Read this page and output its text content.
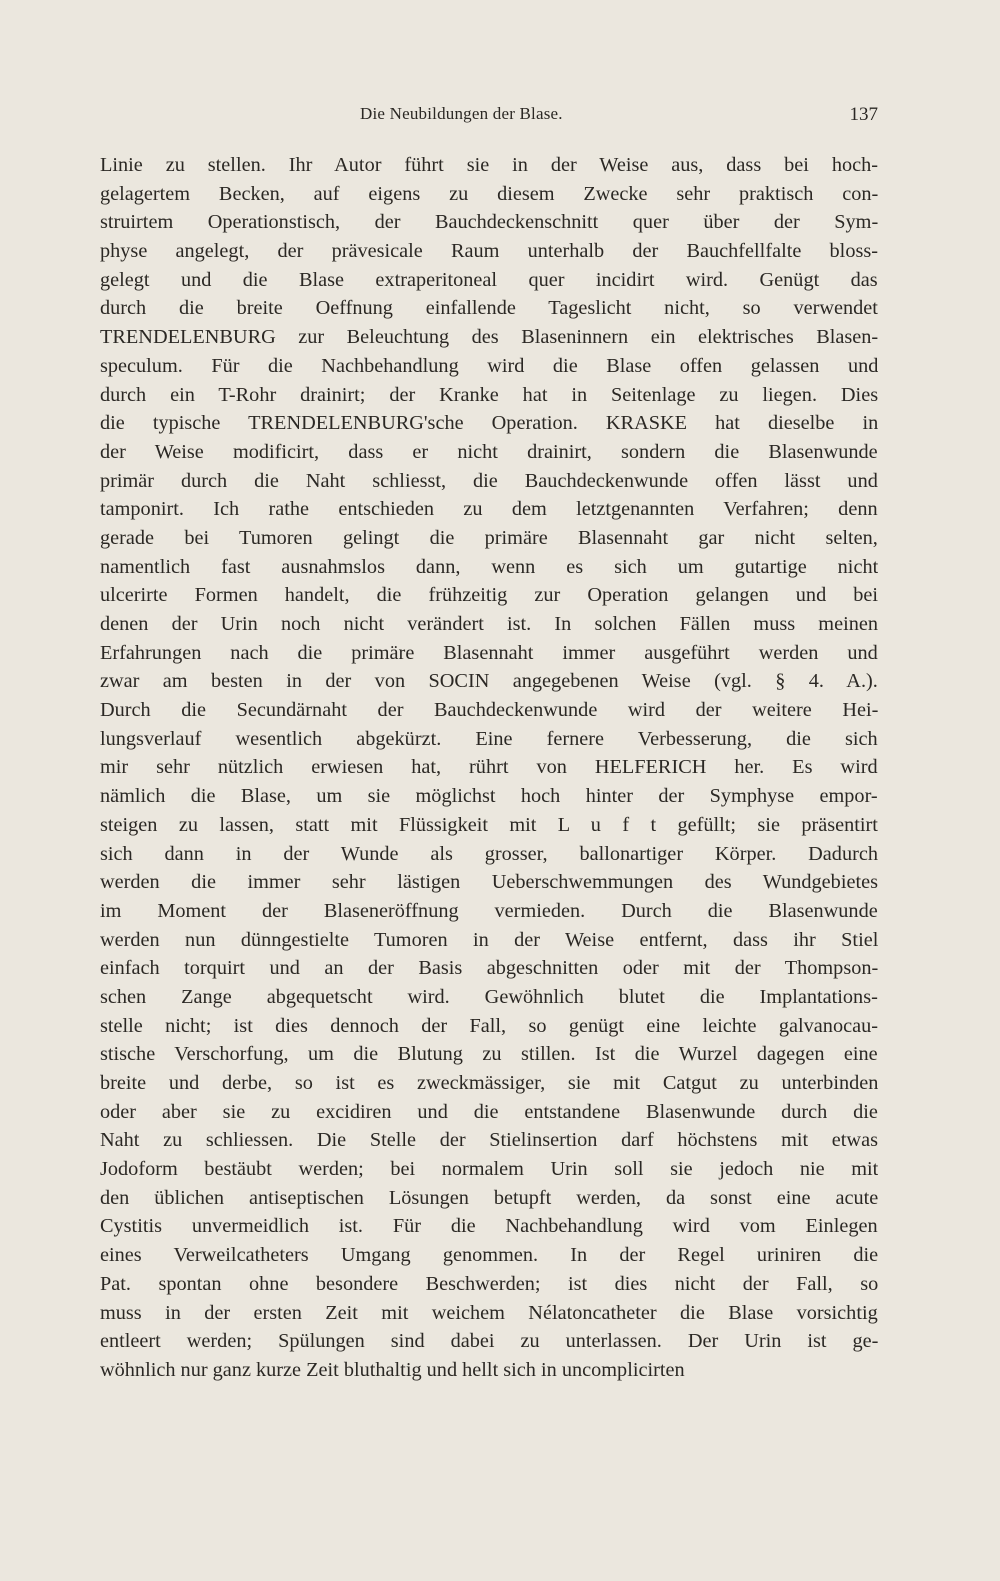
Die Neubildungen der Blase.	137
Linie zu stellen. Ihr Autor führt sie in der Weise aus, dass bei hoch-
gelagertem Becken, auf eigens zu diesem Zwecke sehr praktisch con-
struirtem Operationstisch, der Bauchdeckenschnitt quer über der Sym-
physe angelegt, der prävesicale Raum unterhalb der Bauchfellfalte bloss-
gelegt und die Blase extraperitoneal quer incidirt wird. Genügt das
durch die breite Oeffnung einfallende Tageslicht nicht, so verwendet
TRENDELENBURG zur Beleuchtung des Blaseninnern ein elektrisches Blasen-
speculum. Für die Nachbehandlung wird die Blase offen gelassen und
durch ein T-Rohr drainirt; der Kranke hat in Seitenlage zu liegen. Dies
die typische TRENDELENBURG'sche Operation. KRASKE hat dieselbe in
der Weise modificirt, dass er nicht drainirt, sondern die Blasenwunde
primär durch die Naht schliesst, die Bauchdeckenwunde offen lässt und
tamponirt. Ich rathe entschieden zu dem letztgenannten Verfahren; denn
gerade bei Tumoren gelingt die primäre Blasennaht gar nicht selten,
namentlich fast ausnahmslos dann, wenn es sich um gutartige nicht
ulcerirte Formen handelt, die frühzeitig zur Operation gelangen und bei
denen der Urin noch nicht verändert ist. In solchen Fällen muss meinen
Erfahrungen nach die primäre Blasennaht immer ausgeführt werden und
zwar am besten in der von SOCIN angegebenen Weise (vgl. § 4. A.).
Durch die Secundärnaht der Bauchdeckenwunde wird der weitere Hei-
lungsverlauf wesentlich abgekürzt. Eine fernere Verbesserung, die sich
mir sehr nützlich erwiesen hat, rührt von HELFERICH her. Es wird
nämlich die Blase, um sie möglichst hoch hinter der Symphyse empor-
steigen zu lassen, statt mit Flüssigkeit mit L u f t gefüllt; sie präsentirt
sich dann in der Wunde als grosser, ballonartiger Körper. Dadurch
werden die immer sehr lästigen Ueberschwemmungen des Wundgebietes
im Moment der Blaseneröffnung vermieden. Durch die Blasenwunde
werden nun dünngestielte Tumoren in der Weise entfernt, dass ihr Stiel
einfach torquirt und an der Basis abgeschnitten oder mit der Thompson-
schen Zange abgequetscht wird. Gewöhnlich blutet die Implantations-
stelle nicht; ist dies dennoch der Fall, so genügt eine leichte galvanocau-
stische Verschorfung, um die Blutung zu stillen. Ist die Wurzel dagegen eine
breite und derbe, so ist es zweckmässiger, sie mit Catgut zu unterbinden
oder aber sie zu excidiren und die entstandene Blasenwunde durch die
Naht zu schliessen. Die Stelle der Stielinsertion darf höchstens mit etwas
Jodoform bestäubt werden; bei normalem Urin soll sie jedoch nie mit
den üblichen antiseptischen Lösungen betupft werden, da sonst eine acute
Cystitis unvermeidlich ist. Für die Nachbehandlung wird vom Einlegen
eines Verweilcatheters Umgang genommen. In der Regel uriniren die
Pat. spontan ohne besondere Beschwerden; ist dies nicht der Fall, so
muss in der ersten Zeit mit weichem Nélatoncatheter die Blase vorsichtig
entleert werden; Spülungen sind dabei zu unterlassen. Der Urin ist ge-
wöhnlich nur ganz kurze Zeit bluthaltig und hellt sich in uncomplicirten
